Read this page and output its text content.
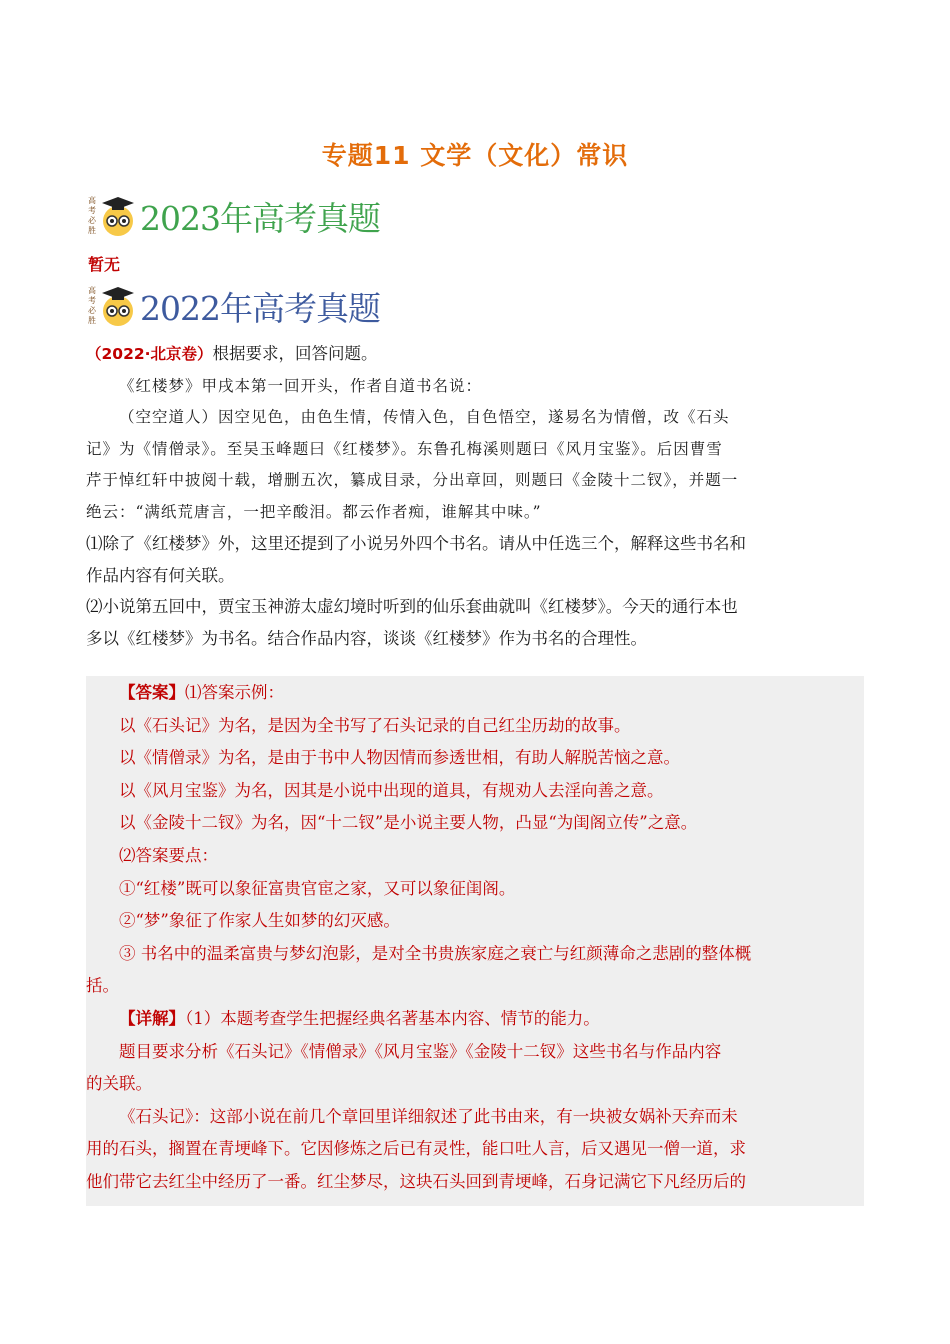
专题11 文学（文化）常识
高
考
必
胜 2023年高考真题
暂无
高
考
必
胜 2022年高考真题

（2022·北京卷）根据要求，回答问题。

《红楼梦》甲戌本第一回开头，作者自道书名说：

（空空道人）因空见色，由色生情，传情入色，自色悟空，遂易名为情僧，改《石头

记》为《情僧录》。至吴玉峰题曰《红楼梦》。东鲁孔梅溪则题曰《风月宝鉴》。后因曹雪

芹于悼红轩中披阅十载，增删五次，纂成目录，分出章回，则题曰《金陵十二钗》，并题一

绝云：“满纸荒唐言，一把辛酸泪。都云作者痴，谁解其中味。”

⑴除了《红楼梦》外，这里还提到了小说另外四个书名。请从中任选三个，解释这些书名和

作品内容有何关联。

⑵小说第五回中，贾宝玉神游太虚幻境时听到的仙乐套曲就叫《红楼梦》。今天的通行本也

多以《红楼梦》为书名。结合作品内容，谈谈《红楼梦》作为书名的合理性。

【答案】⑴答案示例：

以《石头记》为名，是因为全书写了石头记录的自己红尘历劫的故事。

以《情僧录》为名，是由于书中人物因情而参透世相，有助人解脱苦恼之意。

以《风月宝鉴》为名，因其是小说中出现的道具，有规劝人去淫向善之意。

以《金陵十二钗》为名，因“十二钗”是小说主要人物，凸显“为闺阁立传”之意。

⑵答案要点：

①“红楼”既可以象征富贵官宦之家，又可以象征闺阁。

②“梦”象征了作家人生如梦的幻灭感。

③ 书名中的温柔富贵与梦幻泡影，是对全书贵族家庭之衰亡与红颜薄命之悲剧的整体概

括。

【详解】（1）本题考查学生把握经典名著基本内容、情节的能力。

题目要求分析《石头记》《情僧录》《风月宝鉴》《金陵十二钗》这些书名与作品内容

的关联。

《石头记》：这部小说在前几个章回里详细叙述了此书由来，有一块被女娲补天弃而未

用的石头，搁置在青埂峰下。它因修炼之后已有灵性，能口吐人言，后又遇见一僧一道，求

他们带它去红尘中经历了一番。红尘梦尽，这块石头回到青埂峰，石身记满它下凡经历后的
